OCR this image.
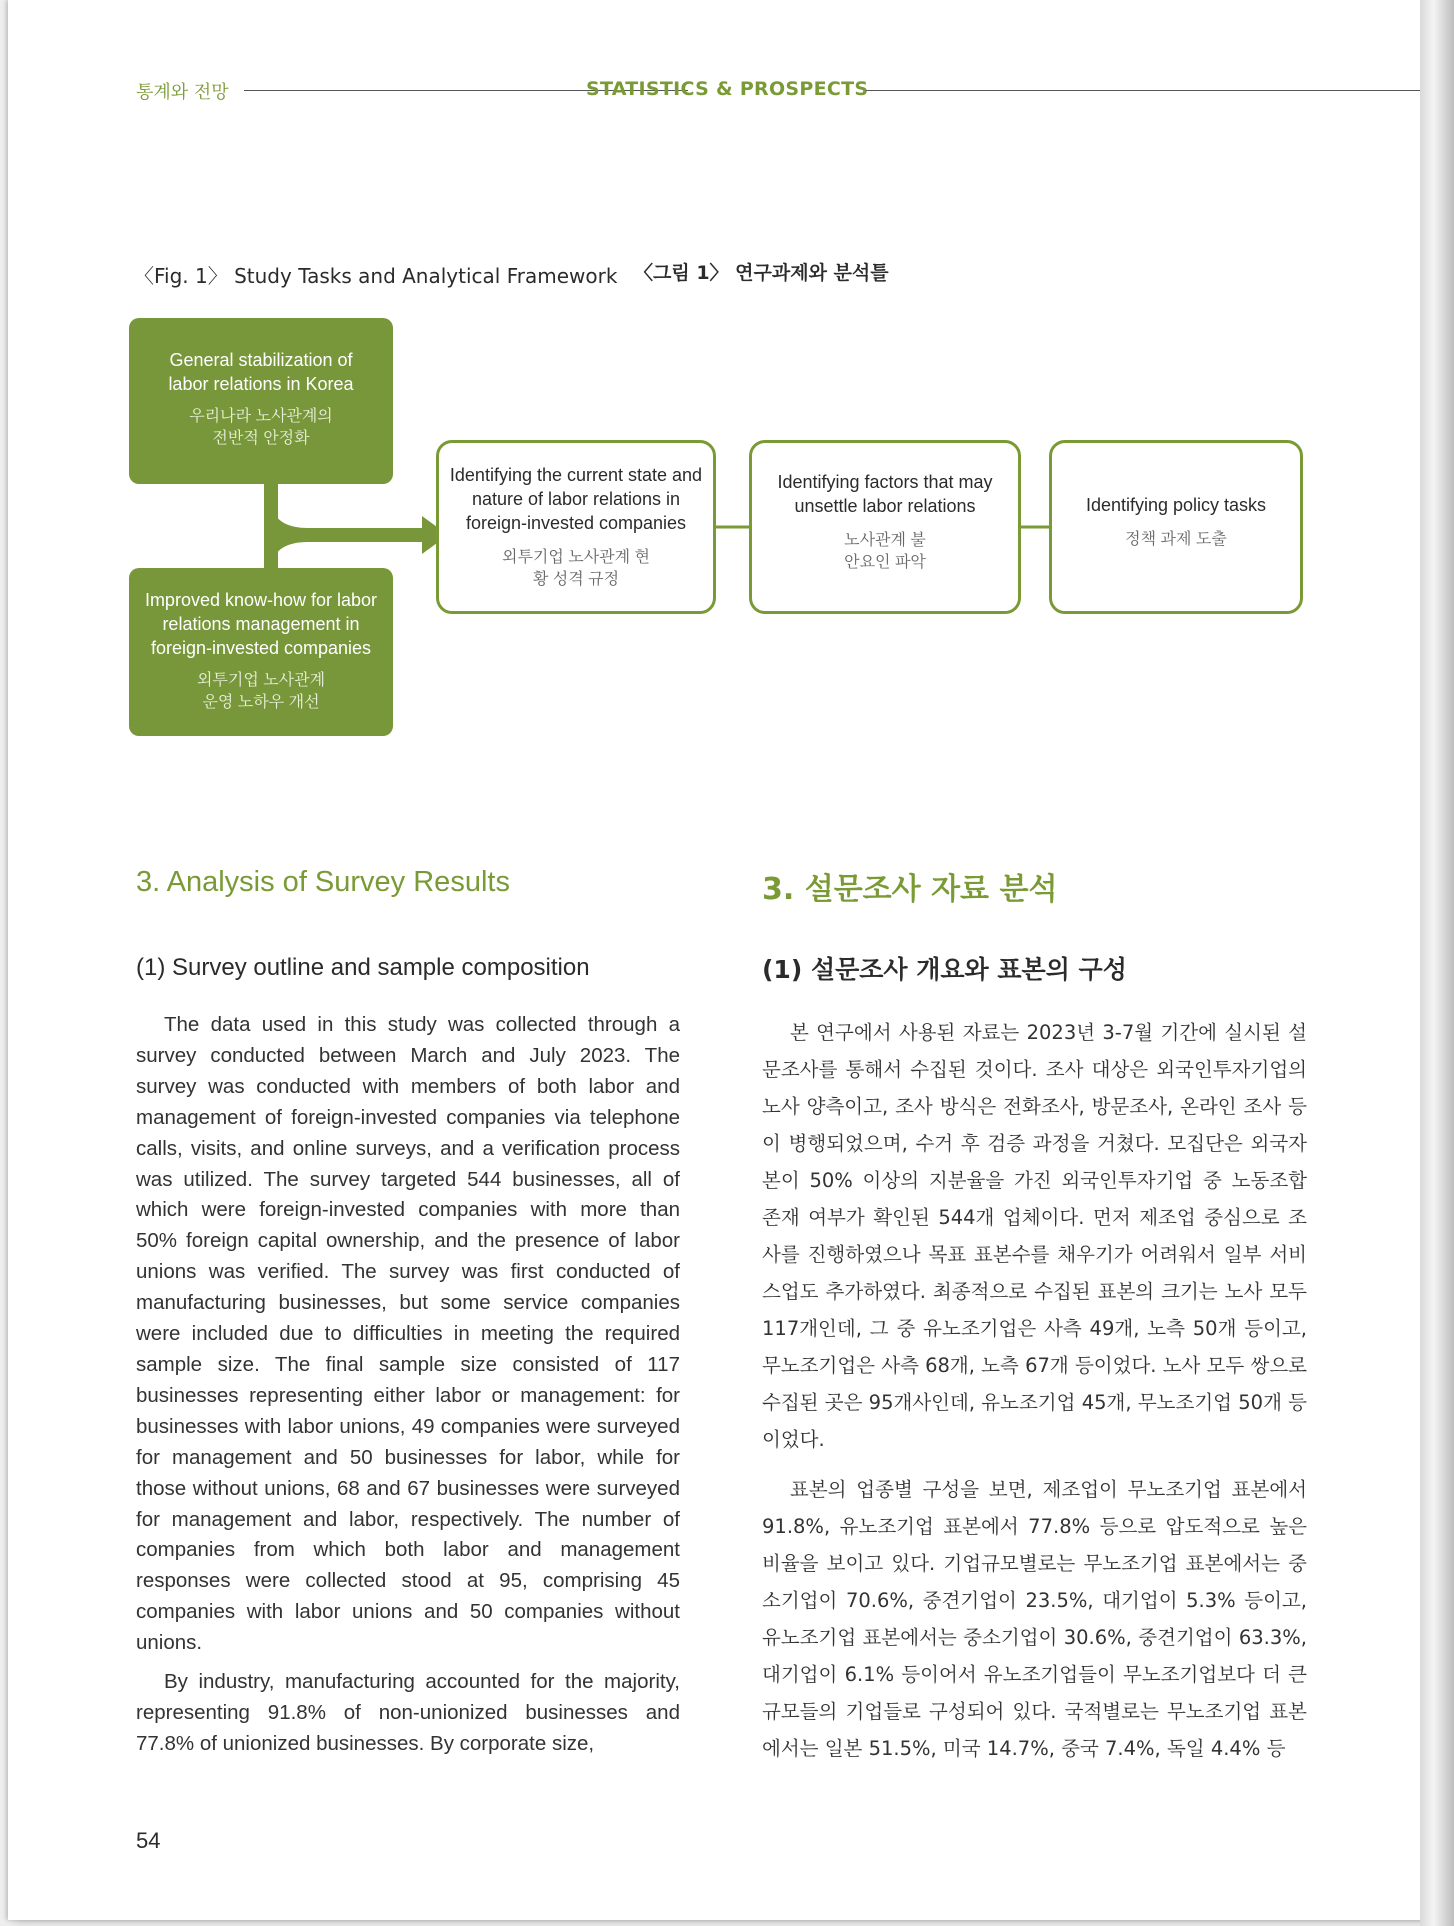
통계와 전망	STATISTICS & PROSPECTS
〈Fig. 1〉 Study Tasks and Analytical Framework 〈그림 1〉 연구과제와 분석틀
General stabilization of labor relations in Korea
우리나라 노사관계의 전반적 안정화
Improved know-how for labor relations management in foreign-invested companies
외투기업 노사관계 운영 노하우 개선
Identifying the current state and nature of labor relations in foreign-invested companies
외투기업 노사관계 현황 성격 규정
Identifying factors that may unsettle labor relations
노사관계 불안요인 파악
Identifying policy tasks
정책 과제 도출
3. Analysis of Survey Results	3. 설문조사 자료 분석
(1) Survey outline and sample composition	(1) 설문조사 개요와 표본의 구성

The data used in this study was collected through a survey conducted between March and July 2023. The survey was conducted with members of both labor and management of foreign-invested companies via telephone calls, visits, and online surveys, and a verification process was utilized. The survey targeted 544 businesses, all of which were foreign-invested companies with more than 50% foreign capital ownership, and the presence of labor unions was verified. The survey was first conducted of manufacturing businesses, but some service companies were included due to difficulties in meeting the required sample size. The final sample size consisted of 117 businesses representing either labor or management: for businesses with labor unions, 49 companies were surveyed for management and 50 businesses for labor, while for those without unions, 68 and 67 businesses were surveyed for management and labor, respectively. The number of companies from which both labor and management responses were collected stood at 95, comprising 45 companies with labor unions and 50 companies without unions.

By industry, manufacturing accounted for the majority, representing 91.8% of non-unionized businesses and 77.8% of unionized businesses. By corporate size,

본 연구에서 사용된 자료는 2023년 3-7월 기간에 실시된 설문조사를 통해서 수집된 것이다. 조사 대상은 외국인투자기업의 노사 양측이고, 조사 방식은 전화조사, 방문조사, 온라인 조사 등이 병행되었으며, 수거 후 검증 과정을 거쳤다. 모집단은 외국자본이 50% 이상의 지분율을 가진 외국인투자기업 중 노동조합 존재 여부가 확인된 544개 업체이다. 먼저 제조업 중심으로 조사를 진행하였으나 목표 표본수를 채우기가 어려워서 일부 서비스업도 추가하였다. 최종적으로 수집된 표본의 크기는 노사 모두 117개인데, 그 중 유노조기업은 사측 49개, 노측 50개 등이고, 무노조기업은 사측 68개, 노측 67개 등이었다. 노사 모두 쌍으로 수집된 곳은 95개사인데, 유노조기업 45개, 무노조기업 50개 등이었다.

표본의 업종별 구성을 보면, 제조업이 무노조기업 표본에서 91.8%, 유노조기업 표본에서 77.8% 등으로 압도적으로 높은 비율을 보이고 있다. 기업규모별로는 무노조기업 표본에서는 중소기업이 70.6%, 중견기업이 23.5%, 대기업이 5.3% 등이고, 유노조기업 표본에서는 중소기업이 30.6%, 중견기업이 63.3%, 대기업이 6.1% 등이어서 유노조기업들이 무노조기업보다 더 큰 규모들의 기업들로 구성되어 있다. 국적별로는 무노조기업 표본에서는 일본 51.5%, 미국 14.7%, 중국 7.4%, 독일 4.4% 등

54
